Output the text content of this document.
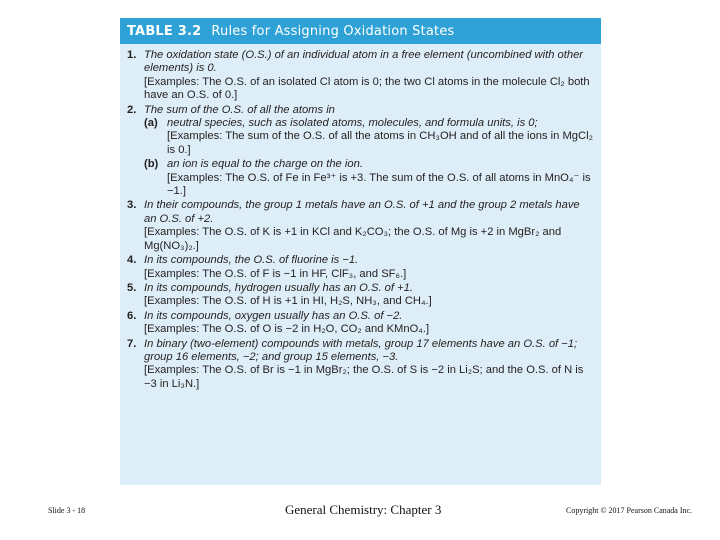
TABLE 3.2 Rules for Assigning Oxidation States
1. The oxidation state (O.S.) of an individual atom in a free element (uncombined with other elements) is 0.
[Examples: The O.S. of an isolated Cl atom is 0; the two Cl atoms in the molecule Cl₂ both have an O.S. of 0.]
2. The sum of the O.S. of all the atoms in
(a) neutral species, such as isolated atoms, molecules, and formula units, is 0;
[Examples: The sum of the O.S. of all the atoms in CH₃OH and of all the ions in MgCl₂ is 0.]
(b) an ion is equal to the charge on the ion.
[Examples: The O.S. of Fe in Fe³⁺ is +3. The sum of the O.S. of all atoms in MnO₄⁻ is −1.]
3. In their compounds, the group 1 metals have an O.S. of +1 and the group 2 metals have an O.S. of +2.
[Examples: The O.S. of K is +1 in KCl and K₂CO₃; the O.S. of Mg is +2 in MgBr₂ and Mg(NO₃)₂.]
4. In its compounds, the O.S. of fluorine is −1.
[Examples: The O.S. of F is −1 in HF, ClF₃, and SF₆.]
5. In its compounds, hydrogen usually has an O.S. of +1.
[Examples: The O.S. of H is +1 in HI, H₂S, NH₃, and CH₄.]
6. In its compounds, oxygen usually has an O.S. of −2.
[Examples: The O.S. of O is −2 in H₂O, CO₂ and KMnO₄.]
7. In binary (two-element) compounds with metals, group 17 elements have an O.S. of −1; group 16 elements, −2; and group 15 elements, −3.
[Examples: The O.S. of Br is −1 in MgBr₂; the O.S. of S is −2 in Li₂S; and the O.S. of N is −3 in Li₃N.]
Slide 3 - 18	General Chemistry: Chapter 3	Copyright © 2017 Pearson Canada Inc.
